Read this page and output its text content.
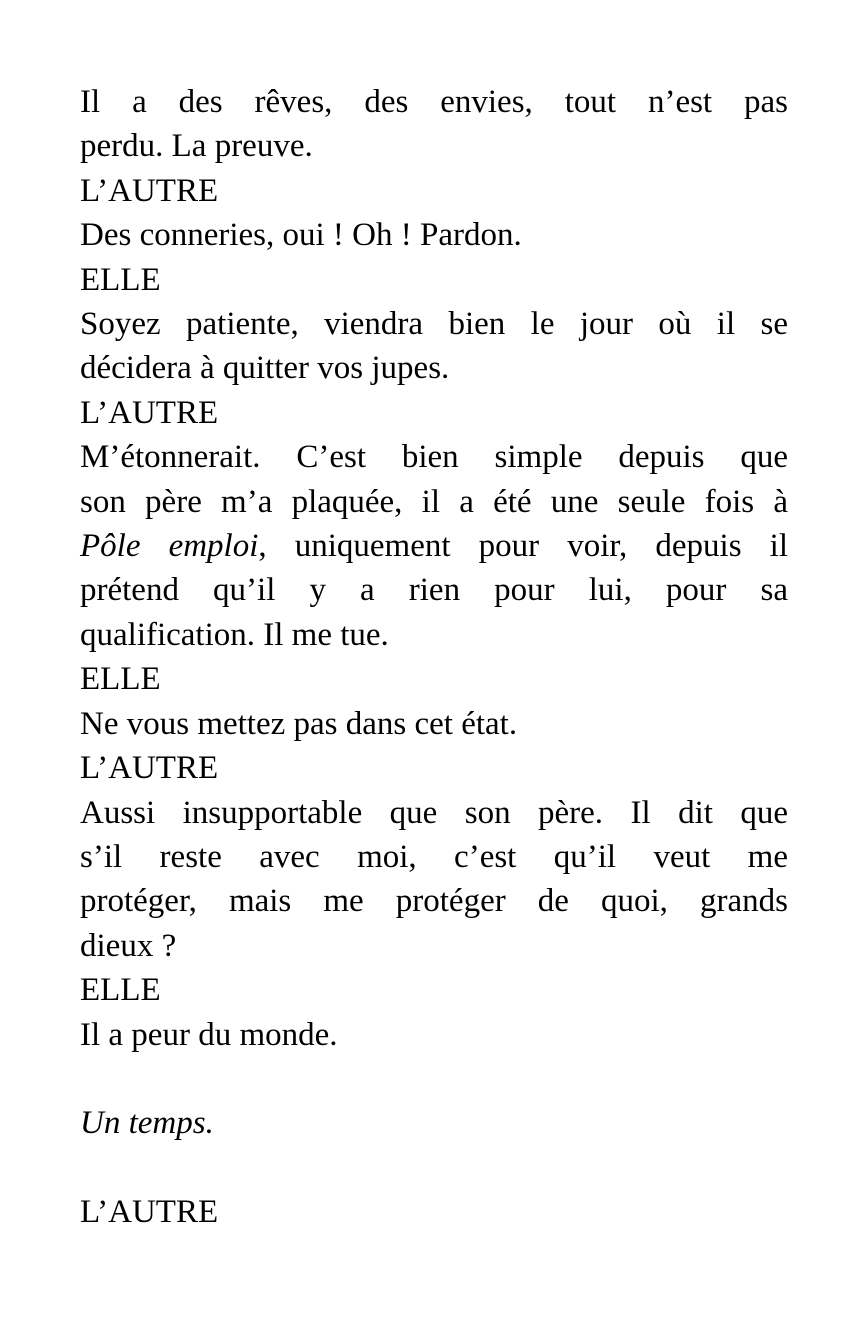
Il a des rêves, des envies, tout n’est pas
perdu. La preuve.
L’AUTRE
Des conneries, oui ! Oh ! Pardon.
ELLE
Soyez patiente, viendra bien le jour où il se
décidera à quitter vos jupes.
L’AUTRE
M’étonnerait. C’est bien simple depuis que
son père m’a plaquée, il a été une seule fois à
Pôle emploi, uniquement pour voir, depuis il
prétend qu’il y a rien pour lui, pour sa
qualification. Il me tue.
ELLE
Ne vous mettez pas dans cet état.
L’AUTRE
Aussi insupportable que son père. Il dit que
s’il reste avec moi, c’est qu’il veut me
protéger, mais me protéger de quoi, grands
dieux ?
ELLE
Il a peur du monde.
Un temps.
L’AUTRE
